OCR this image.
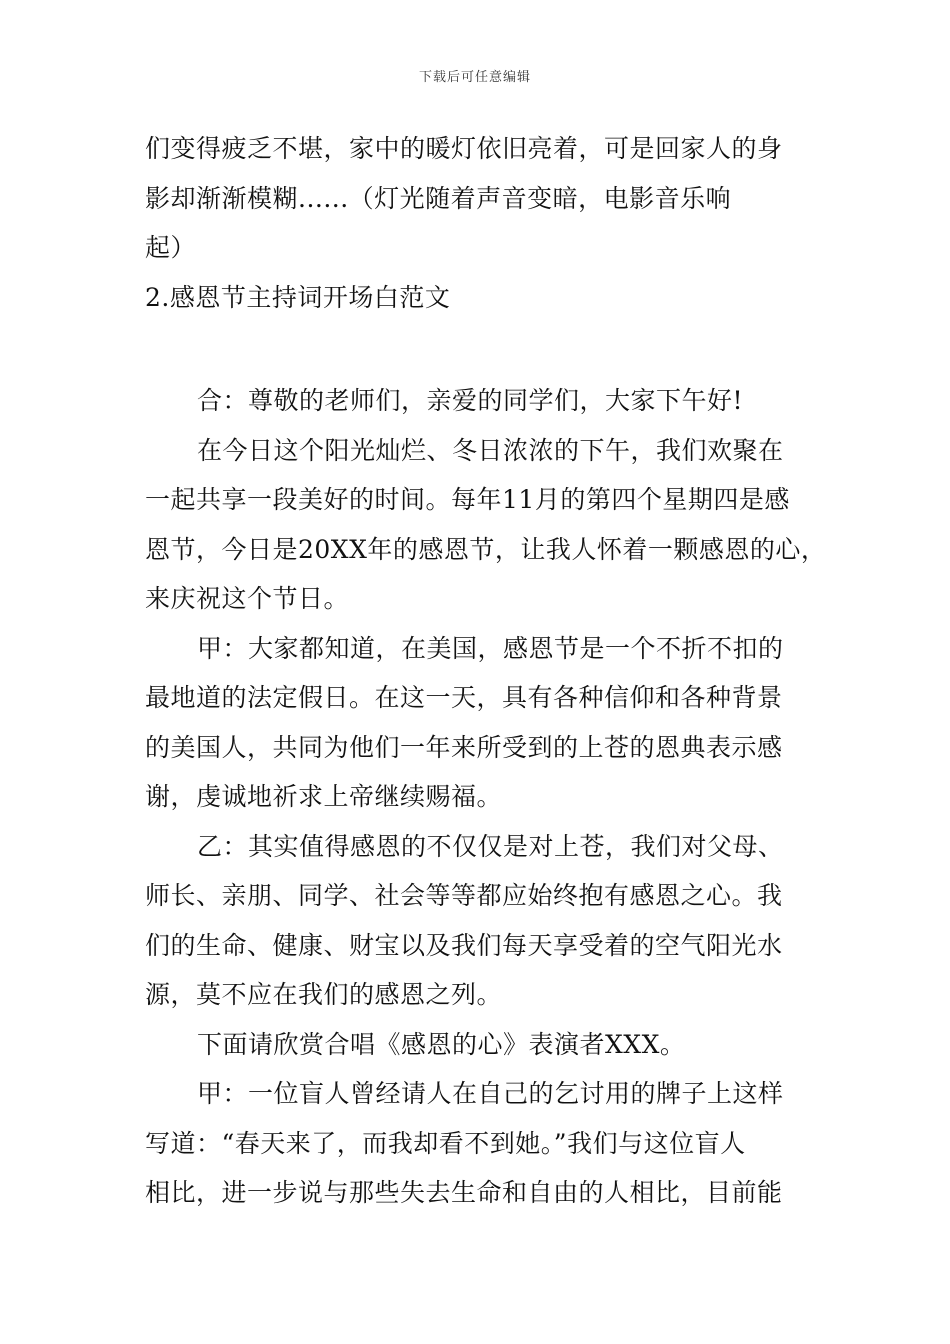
下载后可任意编辑
们变得疲乏不堪，家中的暖灯依旧亮着，可是回家人的身
影却渐渐模糊......（灯光随着声音变暗，电影音乐响
起）
2.感恩节主持词开场白范文
合：尊敬的老师们，亲爱的同学们，大家下午好!
在今日这个阳光灿烂、冬日浓浓的下午，我们欢聚在
一起共享一段美好的时间。每年11月的第四个星期四是感
恩节，今日是20XX年的感恩节，让我人怀着一颗感恩的心，
来庆祝这个节日。
甲：大家都知道，在美国，感恩节是一个不折不扣的
最地道的法定假日。在这一天，具有各种信仰和各种背景
的美国人，共同为他们一年来所受到的上苍的恩典表示感
谢，虔诚地祈求上帝继续赐福。
乙：其实值得感恩的不仅仅是对上苍，我们对父母、
师长、亲朋、同学、社会等等都应始终抱有感恩之心。我
们的生命、健康、财宝以及我们每天享受着的空气阳光水
源，莫不应在我们的感恩之列。
下面请欣赏合唱《感恩的心》表演者XXX。
甲：一位盲人曾经请人在自己的乞讨用的牌子上这样
写道：“春天来了，而我却看不到她。”我们与这位盲人
相比，进一步说与那些失去生命和自由的人相比，目前能
